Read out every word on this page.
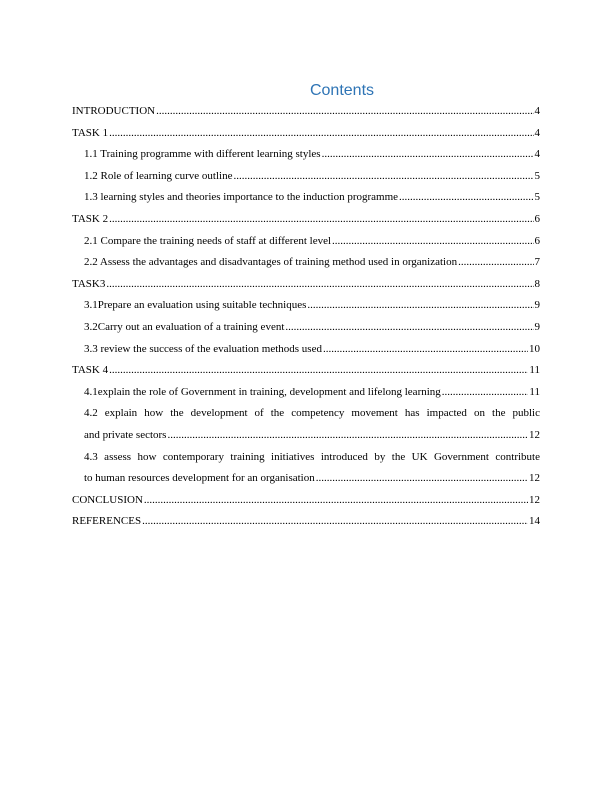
Contents
INTRODUCTION .....	4
TASK 1 .....	4
1.1 Training programme with different learning styles .....	4
1.2 Role of learning curve outline .....	5
1.3 learning styles and theories importance to the induction programme .....	5
TASK 2 .....	6
2.1 Compare the training needs of staff at different level .....	6
2.2 Assess the advantages and disadvantages of training method used in organization .....	7
TASK3 .....	8
3.1Prepare an evaluation using suitable techniques .....	9
3.2Carry out an evaluation of a training event .....	9
3.3 review the success of the evaluation methods used .....	10
TASK 4 .....	11
4.1explain the role of Government in training, development and lifelong learning .....	11
4.2 explain how the development of the competency movement has impacted on the public
and private sectors .....	12
4.3 assess how contemporary training initiatives introduced by the UK Government contribute
to human resources development for an organisation .....	12
CONCLUSION .....	12
REFERENCES .....	14
